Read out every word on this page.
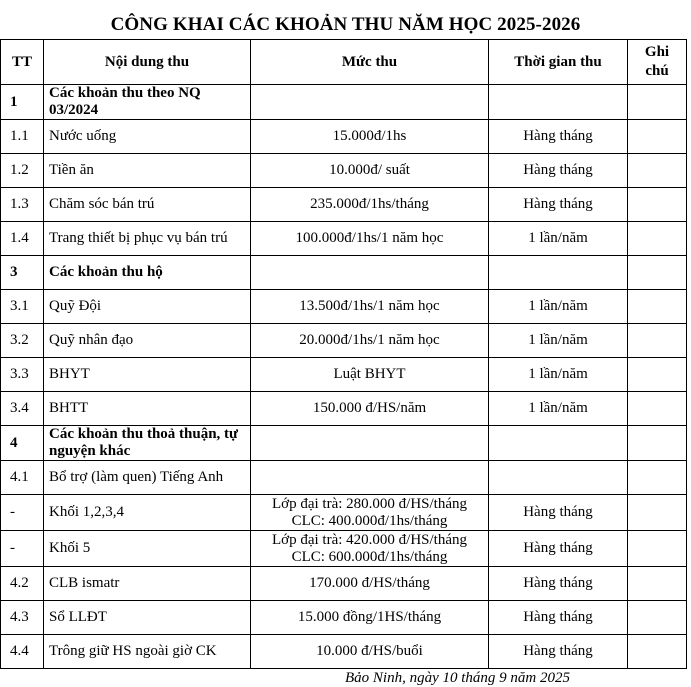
CÔNG KHAI CÁC KHOẢN THU NĂM HỌC 2025-2026
TT	Nội dung thu	Mức thu	Thời gian thu	Ghi
chú

1	Các khoản thu theo NQ 03/2024			
1.1	Nước uống	15.000đ/1hs	Hàng tháng	
1.2	Tiền ăn	10.000đ/ suất	Hàng tháng	
1.3	Chăm sóc bán trú	235.000đ/1hs/tháng	Hàng tháng	
1.4	Trang thiết bị phục vụ bán trú	100.000đ/1hs/1 năm học	1 lần/năm	
3	Các khoản thu hộ			
3.1	Quỹ Đội	13.500đ/1hs/1 năm học	1 lần/năm	
3.2	Quỹ nhân đạo	20.000đ/1hs/1 năm học	1 lần/năm	
3.3	BHYT	Luật BHYT	1 lần/năm	
3.4	BHTT	150.000 đ/HS/năm	1 lần/năm	
4	Các khoản thu thoả thuận, tự nguyện khác			
4.1	Bổ trợ (làm quen) Tiếng Anh			
-	Khối 1,2,3,4	Lớp đại trà: 280.000 đ/HS/tháng
CLC: 400.000đ/1hs/tháng	Hàng tháng	
-	Khối 5	Lớp đại trà: 420.000 đ/HS/tháng
CLC: 600.000đ/1hs/tháng	Hàng tháng	
4.2	CLB ismatr	170.000 đ/HS/tháng	Hàng tháng	
4.3	Sổ LLĐT	15.000 đồng/1HS/tháng	Hàng tháng	
4.4	Trông giữ HS ngoài giờ CK	10.000 đ/HS/buổi	Hàng tháng	
Bảo Ninh, ngày 10 tháng 9 năm 2025
